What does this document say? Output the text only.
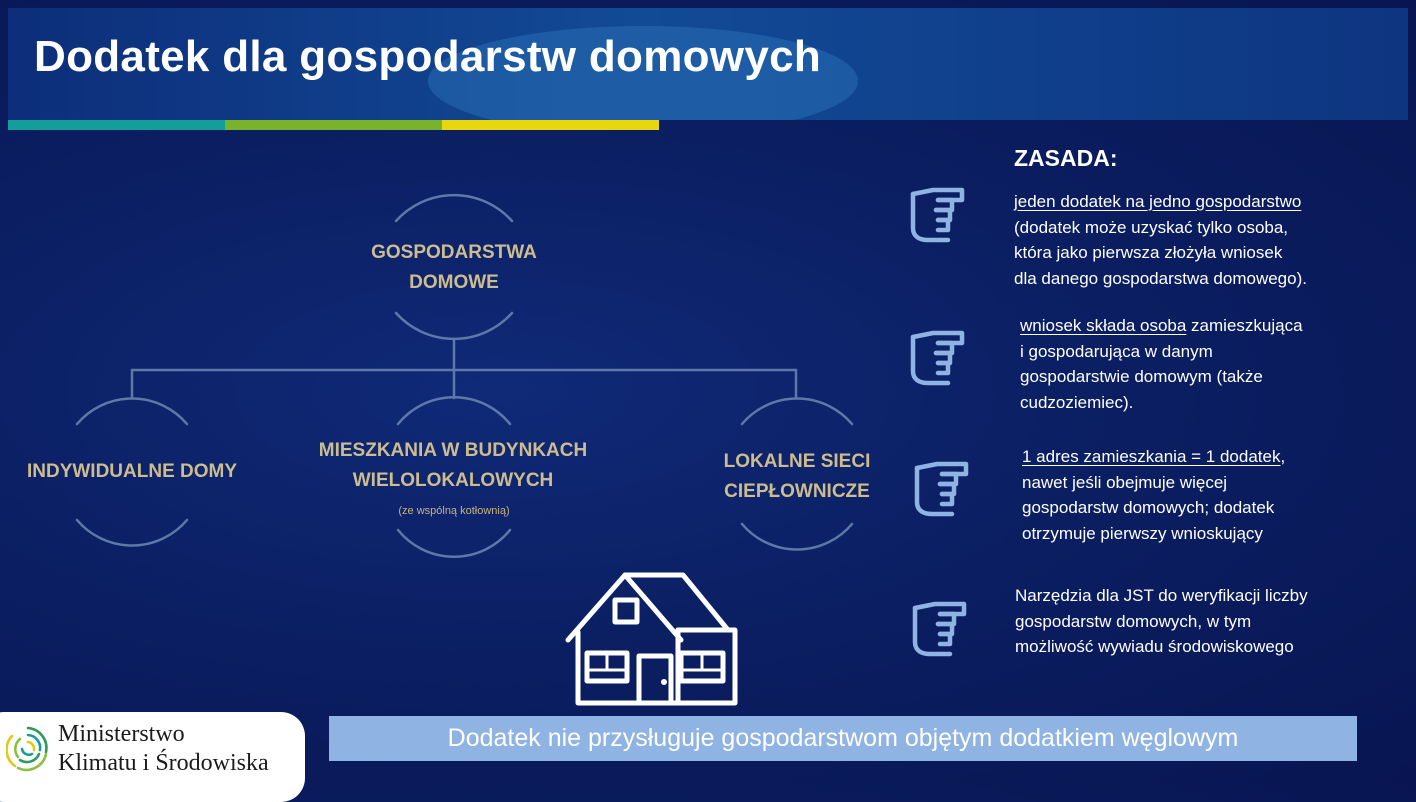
Dodatek dla gospodarstw domowych
GOSPODARSTWA
DOMOWE
INDYWIDUALNE DOMY
MIESZKANIA W BUDYNKACH
WIELOLOKALOWYCH
(ze wspólną kotłownią)
LOKALNE SIECI
CIEPŁOWNICZE
ZASADA:
jeden dodatek na jedno gospodarstwo
(dodatek może uzyskać tylko osoba,
która jako pierwsza złożyła wniosek
dla danego gospodarstwa domowego).
wniosek składa osoba zamieszkująca
i gospodarująca w danym
gospodarstwie domowym (także
cudzoziemiec).
1 adres zamieszkania = 1 dodatek,
nawet jeśli obejmuje więcej
gospodarstw domowych; dodatek
otrzymuje pierwszy wnioskujący
Narzędzia dla JST do weryfikacji liczby
gospodarstw domowych, w tym
możliwość wywiadu środowiskowego
Dodatek nie przysługuje gospodarstwom objętym dodatkiem węglowym
Ministerstwo
Klimatu i Środowiska
